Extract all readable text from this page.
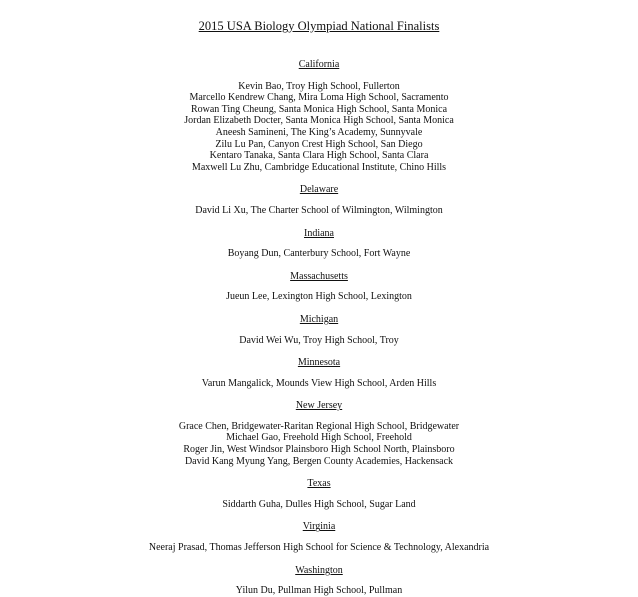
2015 USA Biology Olympiad National Finalists
California
Kevin Bao, Troy High School, Fullerton
Marcello Kendrew Chang, Mira Loma High School, Sacramento
Rowan Ting Cheung, Santa Monica High School, Santa Monica
Jordan Elizabeth Docter, Santa Monica High School, Santa Monica
Aneesh Samineni, The King’s Academy, Sunnyvale
Zilu Lu Pan, Canyon Crest High School, San Diego
Kentaro Tanaka, Santa Clara High School, Santa Clara
Maxwell Lu Zhu, Cambridge Educational Institute, Chino Hills
Delaware
David Li Xu, The Charter School of Wilmington, Wilmington
Indiana
Boyang Dun, Canterbury School, Fort Wayne
Massachusetts
Jueun Lee, Lexington High School, Lexington
Michigan
David Wei Wu, Troy High School, Troy
Minnesota
Varun Mangalick, Mounds View High School, Arden Hills
New Jersey
Grace Chen, Bridgewater-Raritan Regional High School, Bridgewater
Michael Gao, Freehold High School, Freehold
Roger Jin, West Windsor Plainsboro High School North, Plainsboro
David Kang Myung Yang, Bergen County Academies, Hackensack
Texas
Siddarth Guha, Dulles High School, Sugar Land
Virginia
Neeraj Prasad, Thomas Jefferson High School for Science & Technology, Alexandria
Washington
Yilun Du, Pullman High School, Pullman
